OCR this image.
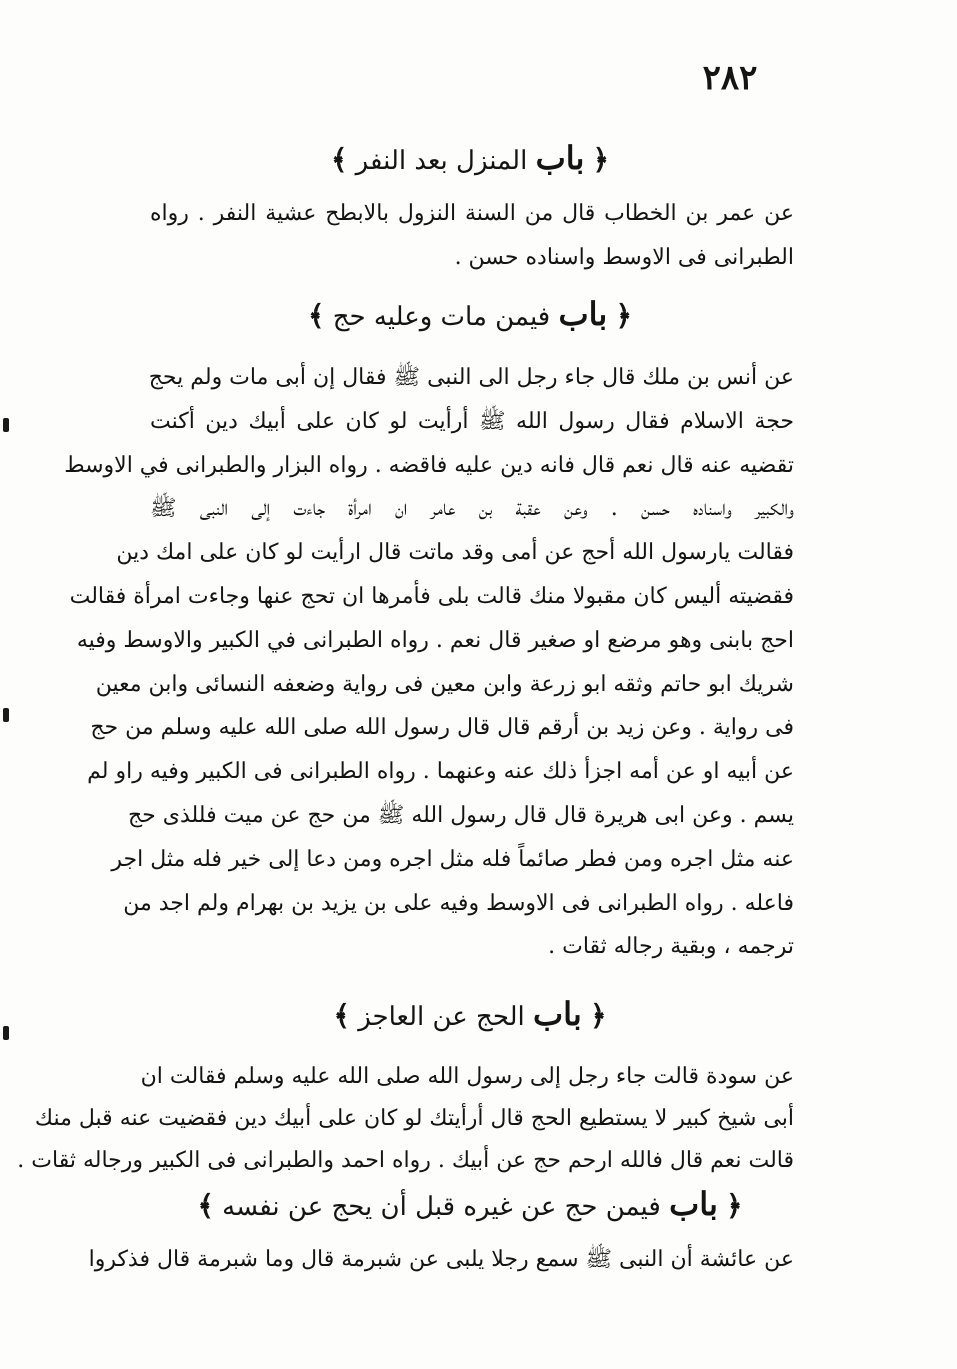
٢٨٢
﴿ باب المنزل بعد النفر ﴾
عن عمر بن الخطاب قال من السنة النزول بالابطح عشية النفر . رواه
الطبرانى فى الاوسط واسناده حسن .
﴿ باب فيمن مات وعليه حج ﴾
عن أنس بن ملك قال جاء رجل الى النبى ﷺ فقال إن أبى مات ولم يحج
حجة الاسلام فقال رسول الله ﷺ أرأيت لو كان على أبيك دين أكنت
تقضيه عنه قال نعم قال فانه دين عليه فاقضه . رواه البزار والطبرانى في الاوسط
والكبير واسناده حسن . وعن عقبة بن عامر ان امرأة جاءت إلى النبى ﷺ
فقالت يارسول الله أحج عن أمى وقد ماتت قال ارأيت لو كان على امك دين
فقضيته أليس كان مقبولا منك قالت بلى فأمرها ان تحج عنها وجاءت امرأة فقالت
احج بابنى وهو مرضع او صغير قال نعم . رواه الطبرانى في الكبير والاوسط وفيه
شريك ابو حاتم وثقه ابو زرعة وابن معين فى رواية وضعفه النسائى وابن معين
فى رواية . وعن زيد بن أرقم قال قال رسول الله صلى الله عليه وسلم من حج
عن أبيه او عن أمه اجزأ ذلك عنه وعنهما . رواه الطبرانى فى الكبير وفيه راو لم
يسم . وعن ابى هريرة قال قال رسول الله ﷺ من حج عن ميت فللذى حج
عنه مثل اجره ومن فطر صائماً فله مثل اجره ومن دعا إلى خير فله مثل اجر
فاعله . رواه الطبرانى فى الاوسط وفيه على بن يزيد بن بهرام ولم اجد من
ترجمه ، وبقية رجاله ثقات .
﴿ باب الحج عن العاجز ﴾
عن سودة قالت جاء رجل إلى رسول الله صلى الله عليه وسلم فقالت ان
أبى شيخ كبير لا يستطيع الحج قال أرأيتك لو كان على أبيك دين فقضيت عنه قبل منك
قالت نعم قال فالله ارحم حج عن أبيك . رواه احمد والطبرانى فى الكبير ورجاله ثقات .
﴿ باب فيمن حج عن غيره قبل أن يحج عن نفسه ﴾
عن عائشة أن النبى ﷺ سمع رجلا يلبى عن شبرمة قال وما شبرمة قال فذكروا
